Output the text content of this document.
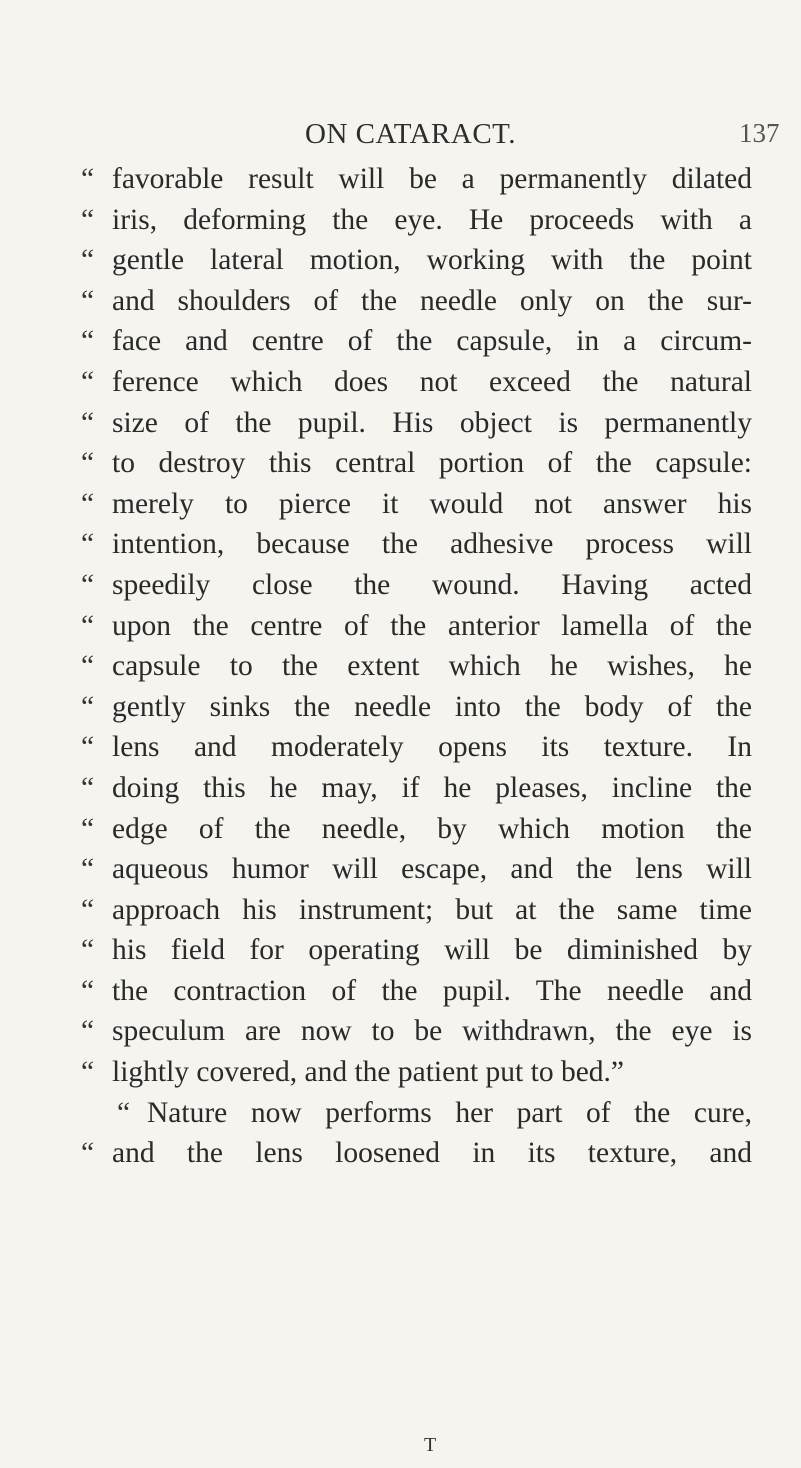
ON CATARACT.	137
“ favorable result will be a permanently dilated
“ iris, deforming the eye. He proceeds with a
“ gentle lateral motion, working with the point
“ and shoulders of the needle only on the sur-
“ face and centre of the capsule, in a circum-
“ ference which does not exceed the natural
“ size of the pupil. His object is permanently
“ to destroy this central portion of the capsule:
“ merely to pierce it would not answer his
“ intention, because the adhesive process will
“ speedily close the wound. Having acted
“ upon the centre of the anterior lamella of the
“ capsule to the extent which he wishes, he
“ gently sinks the needle into the body of the
“ lens and moderately opens its texture. In
“ doing this he may, if he pleases, incline the
“ edge of the needle, by which motion the
“ aqueous humor will escape, and the lens will
“ approach his instrument; but at the same time
“ his field for operating will be diminished by
“ the contraction of the pupil. The needle and
“ speculum are now to be withdrawn, the eye is
“ lightly covered, and the patient put to bed.”
“ Nature now performs her part of the cure,
“ and the lens loosened in its texture, and
T
